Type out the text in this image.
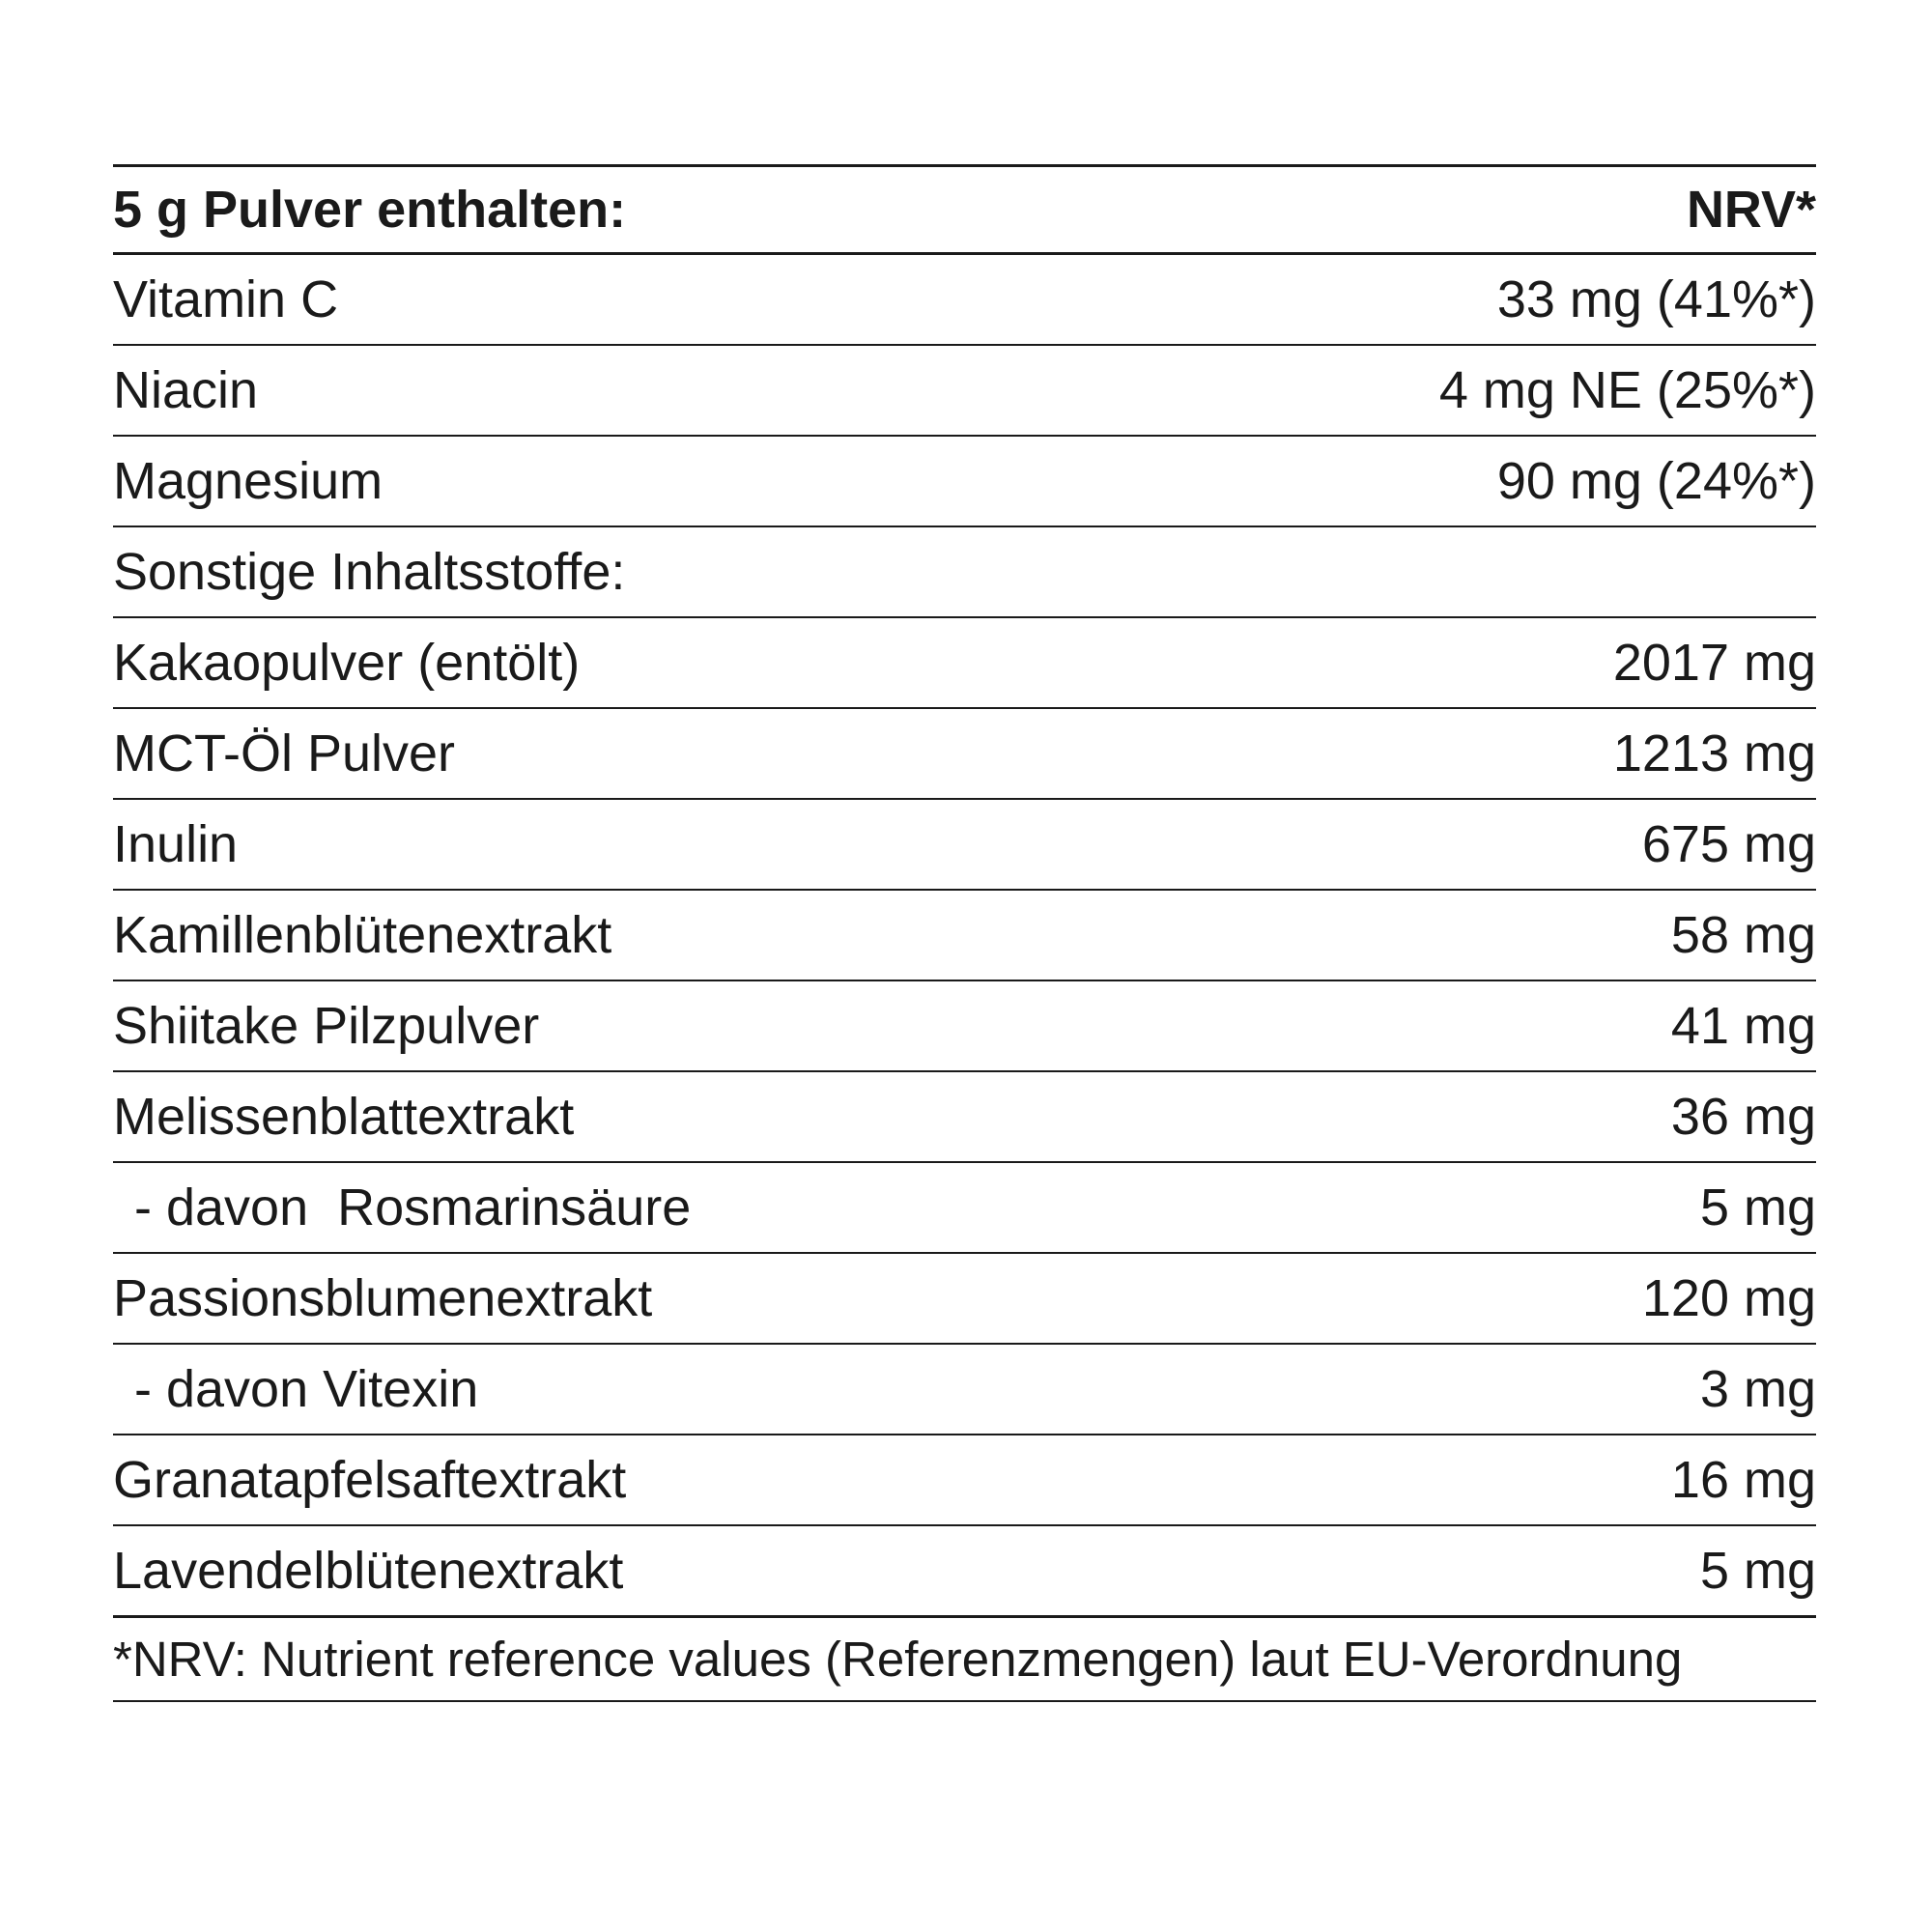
5 g Pulver enthalten:	NRV*
Vitamin C	33 mg (41%*)
Niacin	4 mg NE (25%*)
Magnesium	90 mg (24%*)
Sonstige Inhaltsstoffe:
Kakaopulver (entölt)	2017 mg
MCT-Öl Pulver	1213 mg
Inulin	675 mg
Kamillenblütenextrakt	58 mg
Shiitake Pilzpulver	41 mg
Melissenblattextrakt	36 mg
- davon  Rosmarinsäure	5 mg
Passionsblumenextrakt	120 mg
- davon Vitexin	3 mg
Granatapfelsaftextrakt	16 mg
Lavendelblütenextrakt	5 mg
*NRV: Nutrient reference values (Referenzmengen) laut EU-Verordnung
